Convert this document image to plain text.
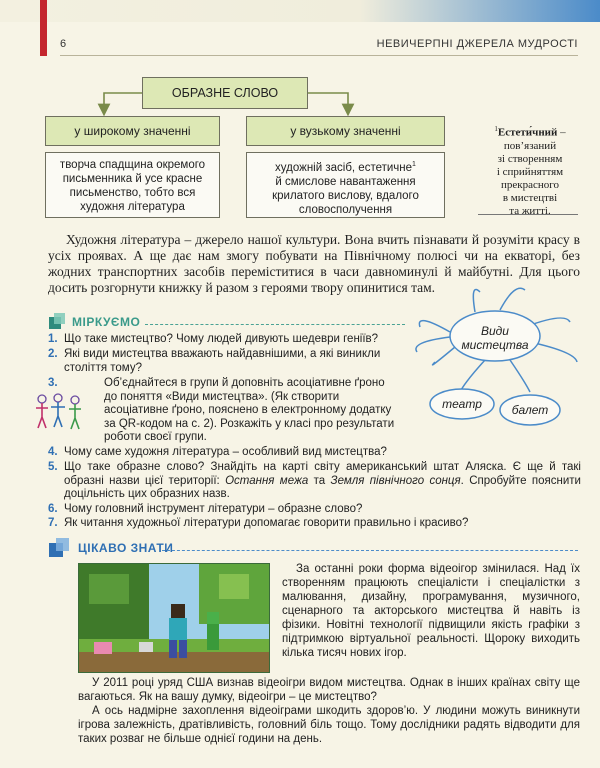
6	НЕВИЧЕРПНІ ДЖЕРЕЛА МУДРОСТІ
ОБРАЗНЕ СЛОВО
у широкому значенні	у вузькому значенні
творча спадщина окремого письменника й усе красне письменство, тобто вся художня література
художній засіб, естетичне$^1$
й смислове навантаження
крилатого вислову, вдалого
словосполучення
$^1$Естети́чний – пов’язаний
зі створенням
і сприйняттям
прекрасного
в мистецтві
та житті.

Художня література – джерело нашої культури. Вона вчить пізнавати й розуміти красу в усіх проявах. А ще дає нам змогу побувати на Північному полюсі чи на екваторі, без жодних транспортних засобів переміститися в часи давноминулі й майбутні. Для цього досить розгорнути книжку й разом з героями твору опинитися там.

МІРКУЄМО
1. Що таке мистецтво? Чому людей дивують шедеври геніїв?
2. Які види мистецтва вважають найдавнішими, а які виникли століття тому?
3.	Об’єднайтеся в групи й доповніть асоціативне ґроно до поняття «Види мистецтва». (Як створити асоціативне ґроно, пояснено в електронному додатку за QR-кодом на с. 2). Розкажіть у класі про результати роботи своєї групи.
4. Чому саме художня література – особливий вид мистецтва?
5. Що таке образне слово? Знайдіть на карті світу американський штат Аляска. Є ще й такі образні назви цієї території: Остання межа та Земля північного сонця. Спробуйте пояснити доцільність цих образних назв.
6. Чому головний інструмент літератури – образне слово?
7. Як читання художньої літератури допомагає говорити правильно і красиво?
Види
мистецтва
театр	балет
ЦІКАВО ЗНАТИ

За останні роки форма відеоігор змінилася. Над їх створенням працюють спеціалісти і спеціалістки з малювання, дизайну, програмування, музичного, сценарного та акторського мистецтва й навіть із фізики. Новітні технології підвищили якість графіки з підтримкою віртуальної реальності. Щороку виходить кілька тисяч нових ігор.

У 2011 році уряд США визнав відеоігри видом мистецтва. Однак в інших країнах світу ще вагаються. Як на вашу думку, відеоігри – це мистецтво?

А ось надмірне захоплення відеоіграми шкодить здоров’ю. У людини можуть виникнути ігрова залежність, дратівливість, головний біль тощо. Тому дослідники радять відводити для таких розваг не більше однієї години на день.
